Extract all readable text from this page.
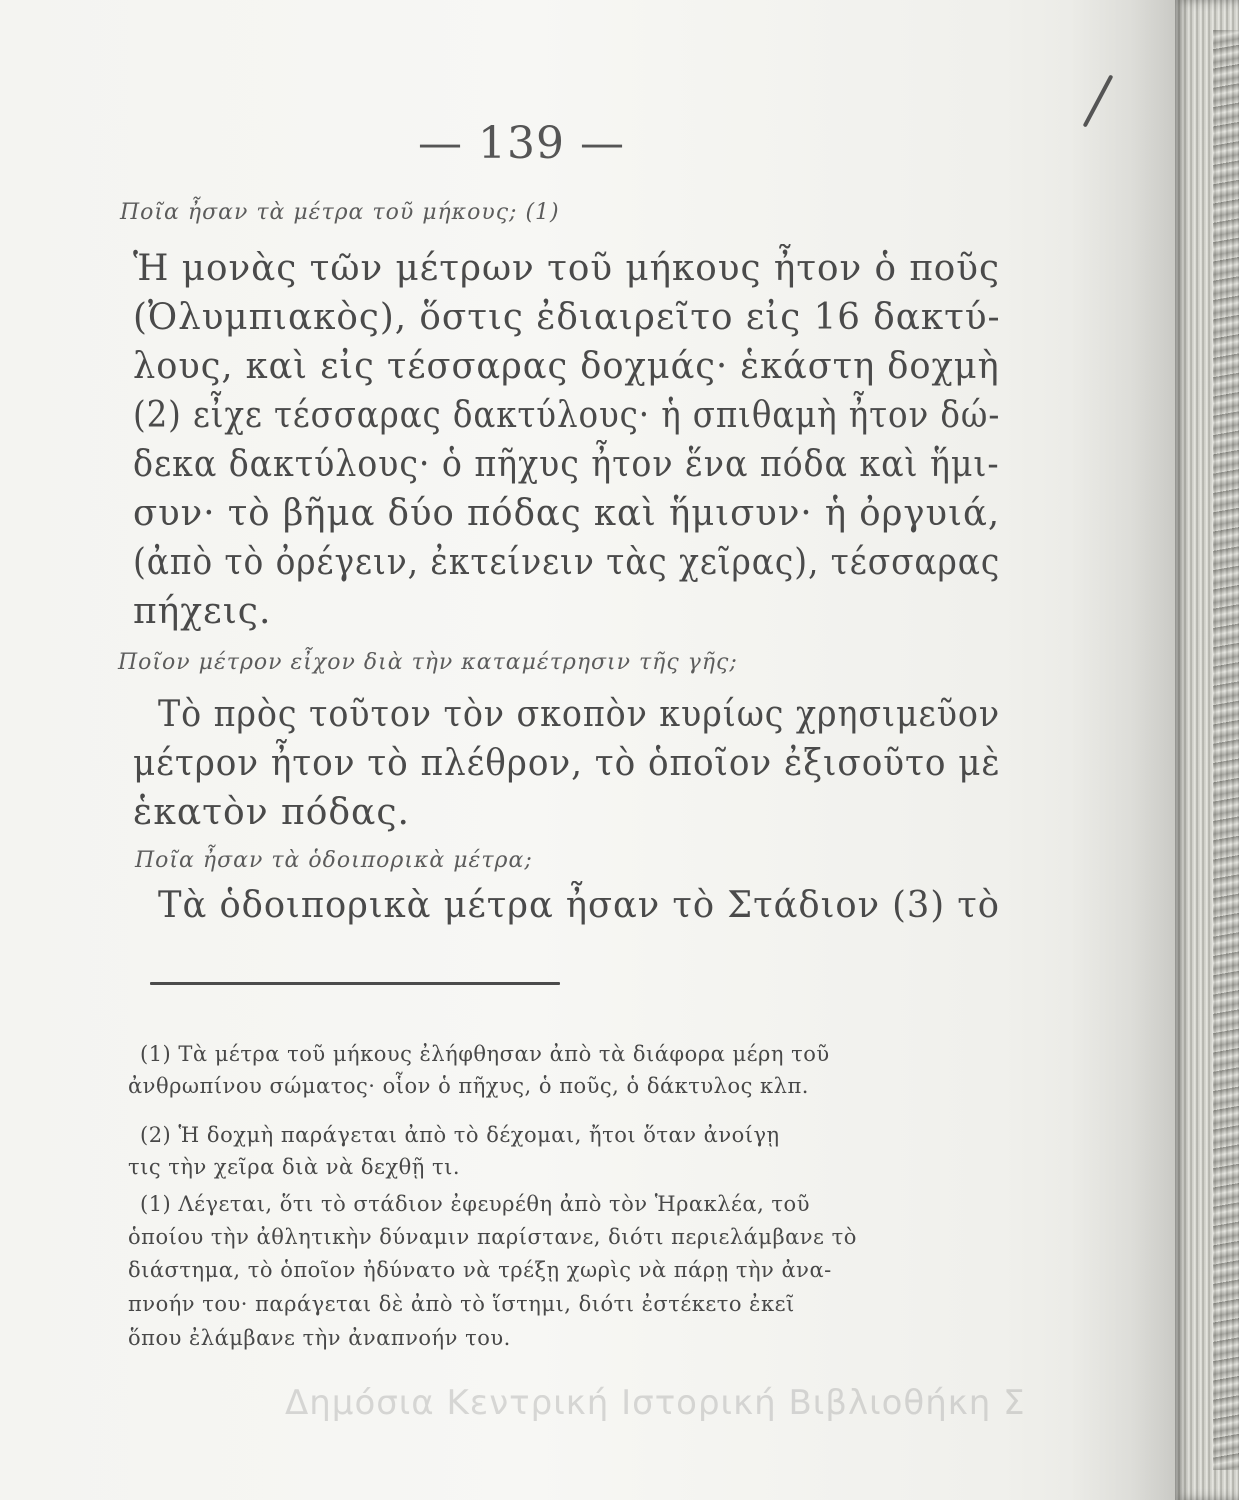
— 139 —
Ποῖα ἦσαν τὰ μέτρα τοῦ μήκους; (1)
Ἡ μονὰς τῶν μέτρων τοῦ μήκους ἦτον ὁ ποῦς
(Ὀλυμπιακὸς), ὅστις ἐδιαιρεῖτο εἰς 16 δακτύ-
λους, καὶ εἰς τέσσαρας δοχμάς· ἑκάστη δοχμὴ
(2) εἶχε τέσσαρας δακτύλους· ἡ σπιθαμὴ ἦτον δώ-
δεκα δακτύλους· ὁ πῆχυς ἦτον ἕνα πόδα καὶ ἥμι-
συν· τὸ βῆμα δύο πόδας καὶ ἥμισυν· ἡ ὀργυιά,
(ἀπὸ τὸ ὀρέγειν, ἐκτείνειν τὰς χεῖρας), τέσσαρας
πήχεις.
Ποῖον μέτρον εἶχον διὰ τὴν καταμέτρησιν τῆς γῆς;
Τὸ πρὸς τοῦτον τὸν σκοπὸν κυρίως χρησιμεῦον
μέτρον ἦτον τὸ πλέθρον, τὸ ὁποῖον ἐξισοῦτο μὲ
ἑκατὸν πόδας.
Ποῖα ἦσαν τὰ ὁδοιπορικὰ μέτρα;
Τὰ ὁδοιπορικὰ μέτρα ἦσαν τὸ Στάδιον (3) τὸ
(1) Τὰ μέτρα τοῦ μήκους ἐλήφθησαν ἀπὸ τὰ διάφορα μέρη τοῦ
ἀνθρωπίνου σώματος· οἷον ὁ πῆχυς, ὁ ποῦς, ὁ δάκτυλος κλπ.
(2) Ἡ δοχμὴ παράγεται ἀπὸ τὸ δέχομαι, ἤτοι ὅταν ἀνοίγῃ
τις τὴν χεῖρα διὰ νὰ δεχθῇ τι.
(1) Λέγεται, ὅτι τὸ στάδιον ἐφευρέθη ἀπὸ τὸν Ἡρακλέα, τοῦ
ὁποίου τὴν ἀθλητικὴν δύναμιν παρίστανε, διότι περιελάμβανε τὸ
διάστημα, τὸ ὁποῖον ἠδύνατο νὰ τρέξῃ χωρὶς νὰ πάρῃ τὴν ἀνα-
πνοήν του· παράγεται δὲ ἀπὸ τὸ ἵστημι, διότι ἐστέκετο ἐκεῖ
ὅπου ἐλάμβανε τὴν ἀναπνοήν του.
Δημόσια Κεντρική Ιστορική Βιβλιοθήκη Σ
